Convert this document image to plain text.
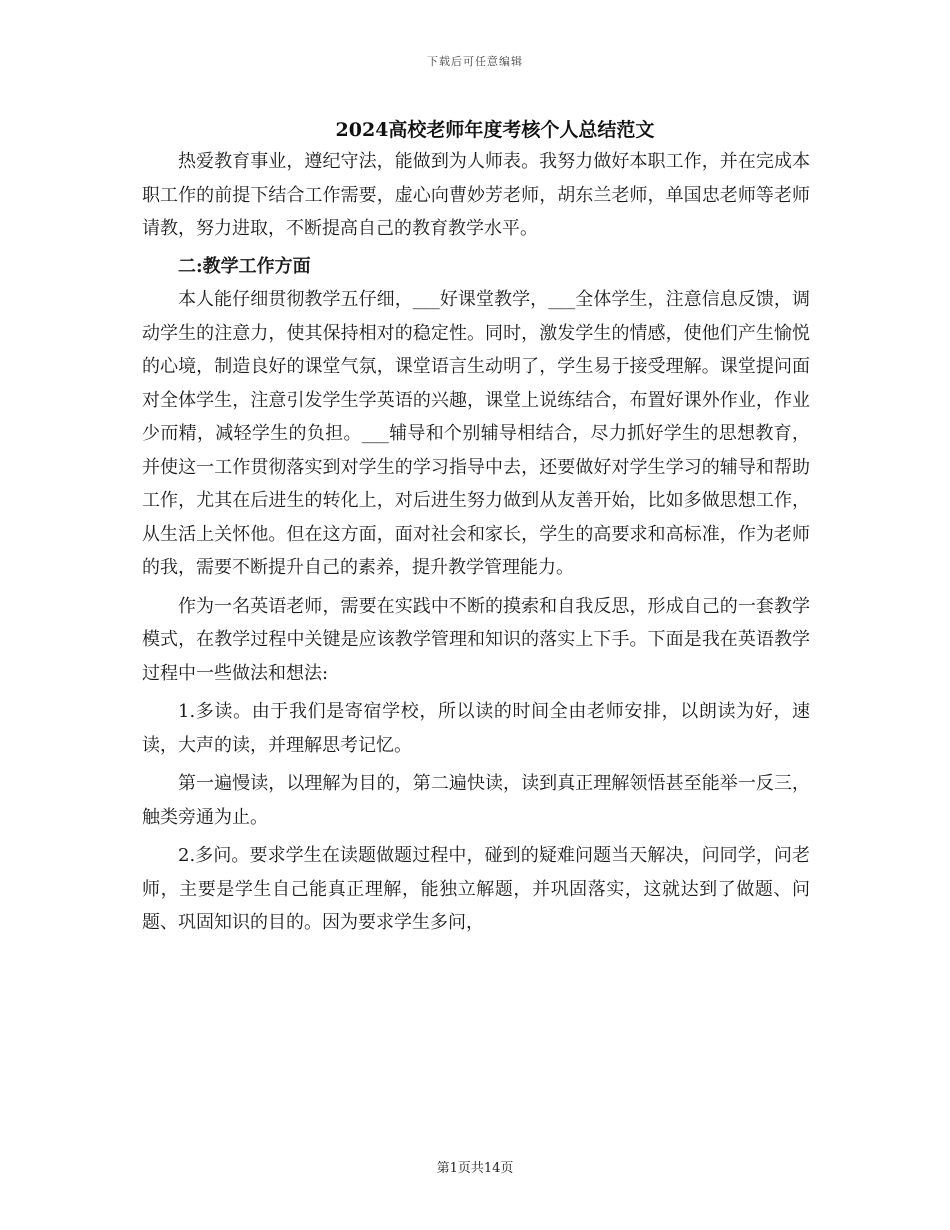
下载后可任意编辑
2024高校老师年度考核个人总结范文

热爱教育事业，遵纪守法，能做到为人师表。我努力做好本职工作，并在完成本职工作的前提下结合工作需要，虚心向曹妙芳老师，胡东兰老师，单国忠老师等老师请教，努力进取，不断提高自己的教育教学水平。

二:教学工作方面

本人能仔细贯彻教学五仔细，___好课堂教学，___全体学生，注意信息反馈，调动学生的注意力，使其保持相对的稳定性。同时，激发学生的情感，使他们产生愉悦的心境，制造良好的课堂气氛，课堂语言生动明了，学生易于接受理解。课堂提问面对全体学生，注意引发学生学英语的兴趣，课堂上说练结合，布置好课外作业，作业少而精，减轻学生的负担。___辅导和个别辅导相结合，尽力抓好学生的思想教育，并使这一工作贯彻落实到对学生的学习指导中去，还要做好对学生学习的辅导和帮助工作，尤其在后进生的转化上，对后进生努力做到从友善开始，比如多做思想工作，从生活上关怀他。但在这方面，面对社会和家长，学生的高要求和高标准，作为老师的我，需要不断提升自己的素养，提升教学管理能力。

作为一名英语老师，需要在实践中不断的摸索和自我反思，形成自己的一套教学模式，在教学过程中关键是应该教学管理和知识的落实上下手。下面是我在英语教学过程中一些做法和想法:

1.多读。由于我们是寄宿学校，所以读的时间全由老师安排，以朗读为好，速读，大声的读，并理解思考记忆。

第一遍慢读，以理解为目的，第二遍快读，读到真正理解领悟甚至能举一反三，触类旁通为止。

2.多问。要求学生在读题做题过程中，碰到的疑难问题当天解决，问同学，问老师，主要是学生自己能真正理解，能独立解题，并巩固落实，这就达到了做题、问题、巩固知识的目的。因为要求学生多问，

第1页共14页
